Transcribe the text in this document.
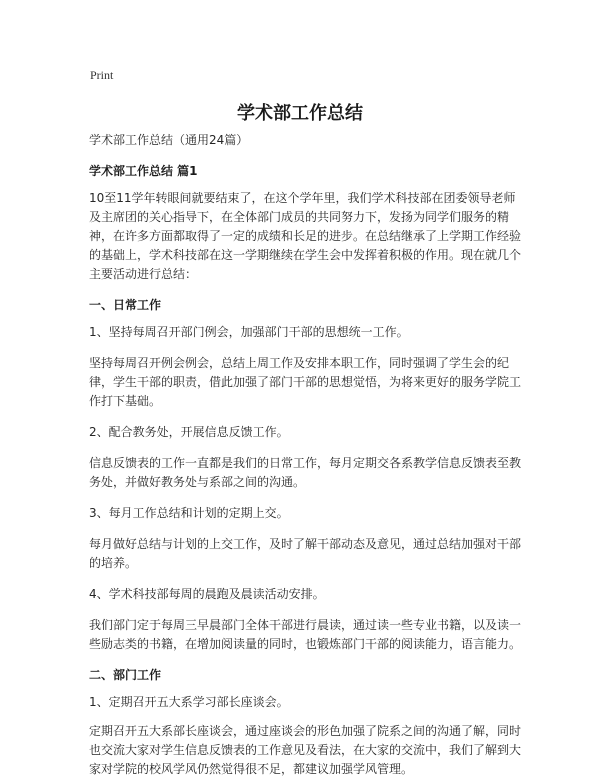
Print
学术部工作总结

学术部工作总结（通用24篇）

学术部工作总结 篇1

10至11学年转眼间就要结束了，在这个学年里，我们学术科技部在团委领导老师及主席团的关心指导下，在全体部门成员的共同努力下，发扬为同学们服务的精神，在许多方面都取得了一定的成绩和长足的进步。在总结继承了上学期工作经验的基础上，学术科技部在这一学期继续在学生会中发挥着积极的作用。现在就几个主要活动进行总结：

一、日常工作

1、坚持每周召开部门例会，加强部门干部的思想统一工作。

坚持每周召开例会例会，总结上周工作及安排本职工作，同时强调了学生会的纪律，学生干部的职责，借此加强了部门干部的思想觉悟，为将来更好的服务学院工作打下基础。

2、配合教务处，开展信息反馈工作。

信息反馈表的工作一直都是我们的日常工作，每月定期交各系教学信息反馈表至教务处，并做好教务处与系部之间的沟通。

3、每月工作总结和计划的定期上交。

每月做好总结与计划的上交工作，及时了解干部动态及意见，通过总结加强对干部的培养。

4、学术科技部每周的晨跑及晨读活动安排。

我们部门定于每周三早晨部门全体干部进行晨读，通过读一些专业书籍，以及读一些励志类的书籍，在增加阅读量的同时，也锻炼部门干部的阅读能力，语言能力。

二、部门工作

1、定期召开五大系学习部长座谈会。

定期召开五大系部长座谈会，通过座谈会的形色加强了院系之间的沟通了解，同时也交流大家对学生信息反馈表的工作意见及看法，在大家的交流中，我们了解到大家对学院的校风学风仍然觉得很不足，都建议加强学风管理。
